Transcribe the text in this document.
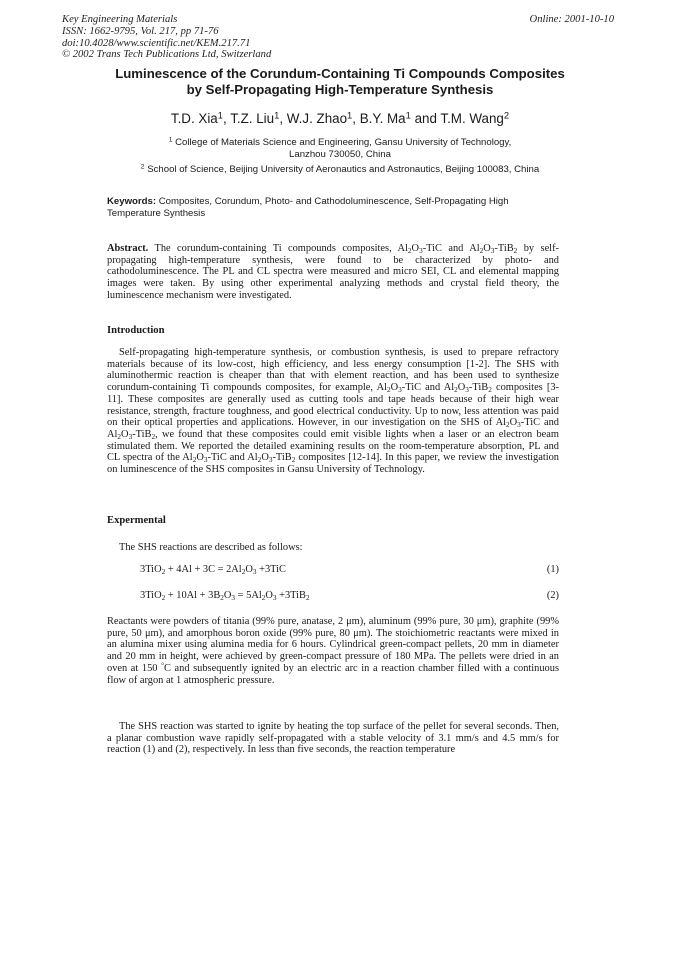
Key Engineering Materials
ISSN: 1662-9795, Vol. 217, pp 71-76
doi:10.4028/www.scientific.net/KEM.217.71
© 2002 Trans Tech Publications Ltd, Switzerland
Online: 2001-10-10
Luminescence of the Corundum-Containing Ti Compounds Composites
by Self-Propagating High-Temperature Synthesis
T.D. Xia$^1$, T.Z. Liu$^1$, W.J. Zhao$^1$, B.Y. Ma$^1$ and T.M. Wang$^2$
$^1$ College of Materials Science and Engineering, Gansu University of Technology,
Lanzhou 730050, China
$^2$ School of Science, Beijing University of Aeronautics and Astronautics, Beijing 100083, China
Keywords: Composites, Corundum, Photo- and Cathodoluminescence, Self-Propagating High Temperature Synthesis

Abstract. The corundum-containing Ti compounds composites, $Al_2O_3$-TiC and $Al_2O_3-TiB_2$ by self-propagating high-temperature synthesis, were found to be characterized by photo- and cathodoluminescence. The PL and CL spectra were measured and micro SEI, CL and elemental mapping images were taken. By using other experimental analyzing methods and crystal field theory, the luminescence mechanism were investigated.

Introduction

Self-propagating high-temperature synthesis, or combustion synthesis, is used to prepare refractory materials because of its low-cost, high efficiency, and less energy consumption [1-2]. The SHS with aluminothermic reaction is cheaper than that with element reaction, and has been used to synthesize corundum-containing Ti compounds composites, for example, $Al_2O_3$-TiC and $Al_2O_3-TiB_2$ composites [3-11]. These composites are generally used as cutting tools and tape heads because of their high wear resistance, strength, fracture toughness, and good electrical conductivity. Up to now, less attention was paid on their optical properties and applications. However, in our investigation on the SHS of $Al_2O_3$-TiC and $Al_2O_3-TiB_2$, we found that these composites could emit visible lights when a laser or an electron beam stimulated them. We reported the detailed examining results on the room-temperature absorption, PL and CL spectra of the $Al_2O_3$-TiC and $Al_2O_3-TiB_2$ composites [12-14]. In this paper, we review the investigation on luminescence of the SHS composites in Gansu University of Technology.

Expermental
The SHS reactions are described as follows:
$3TiO_2 + 4Al + 3C = 2Al_2O_3 +3TiC$	(1)
$3TiO_2 + 10Al + 3B_2O_3 = 5Al_2O_3 +3TiB_2$	(2)

Reactants were powders of titania (99% pure, anatase, 2 μm), aluminum (99% pure, 30 μm), graphite (99% pure, 50 μm), and amorphous boron oxide (99% pure, 80 μm). The stoichiometric reactants were mixed in an alumina mixer using alumina media for 6 hours. Cylindrical green-compact pellets, 20 mm in diameter and 20 mm in height, were achieved by green-compact pressure of 180 MPa. The pellets were dried in an oven at 150 °C and subsequently ignited by an electric arc in a reaction chamber filled with a continuous flow of argon at 1 atmospheric pressure.

The SHS reaction was started to ignite by heating the top surface of the pellet for several seconds. Then, a planar combustion wave rapidly self-propagated with a stable velocity of 3.1 mm/s and 4.5 mm/s for reaction (1) and (2), respectively. In less than five seconds, the reaction temperature
